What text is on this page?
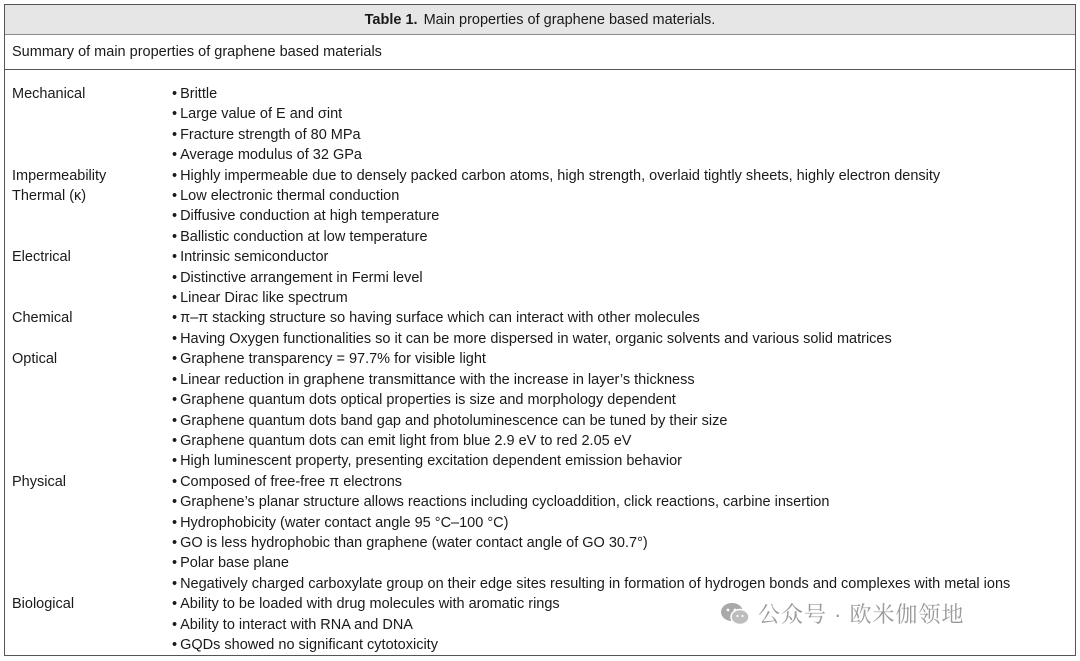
Table 1. Main properties of graphene based materials.
Summary of main properties of graphene based materials
Mechanical	• Brittle
• Large value of E and σint
• Fracture strength of 80 MPa
• Average modulus of 32 GPa
Impermeability	• Highly impermeable due to densely packed carbon atoms, high strength, overlaid tightly sheets, highly electron density
Thermal (κ)	• Low electronic thermal conduction
• Diffusive conduction at high temperature
• Ballistic conduction at low temperature
Electrical	• Intrinsic semiconductor
• Distinctive arrangement in Fermi level
• Linear Dirac like spectrum
Chemical	• π–π stacking structure so having surface which can interact with other molecules
• Having Oxygen functionalities so it can be more dispersed in water, organic solvents and various solid matrices
Optical	• Graphene transparency = 97.7% for visible light
• Linear reduction in graphene transmittance with the increase in layer’s thickness
• Graphene quantum dots optical properties is size and morphology dependent
• Graphene quantum dots band gap and photoluminescence can be tuned by their size
• Graphene quantum dots can emit light from blue 2.9 eV to red 2.05 eV
• High luminescent property, presenting excitation dependent emission behavior
Physical	• Composed of free-free π electrons
• Graphene’s planar structure allows reactions including cycloaddition, click reactions, carbine insertion
• Hydrophobicity (water contact angle 95 °C–100 °C)
• GO is less hydrophobic than graphene (water contact angle of GO 30.7°)
• Polar base plane
• Negatively charged carboxylate group on their edge sites resulting in formation of hydrogen bonds and complexes with metal ions
Biological	• Ability to be loaded with drug molecules with aromatic rings
• Ability to interact with RNA and DNA
• GQDs showed no significant cytotoxicity
公众号 · 欧米伽领地
